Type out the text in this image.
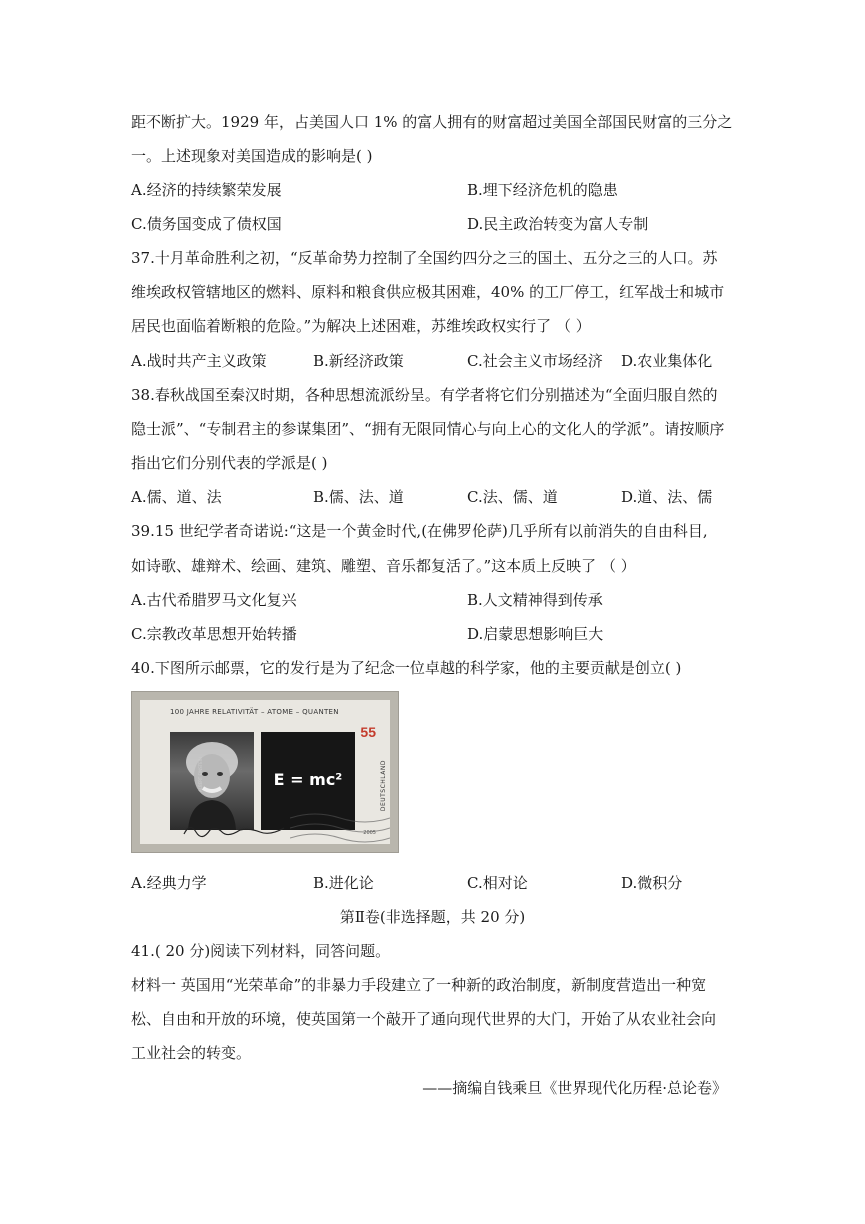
距不断扩大。1929 年，占美国人口 1% 的富人拥有的财富超过美国全部国民财富的三分之
一。上述现象对美国造成的影响是( )
A.经济的持续繁荣发展	B.埋下经济危机的隐患
C.债务国变成了债权国	D.民主政治转变为富人专制
37.十月革命胜利之初，“反革命势力控制了全国约四分之三的国土、五分之三的人口。苏
维埃政权管辖地区的燃料、原料和粮食供应极其困难，40% 的工厂停工，红军战士和城市
居民也面临着断粮的危险。”为解决上述困难，苏维埃政权实行了 （ ）
A.战时共产主义政策	B.新经济政策	C.社会主义市场经济 D.农业集体化
38.春秋战国至秦汉时期，各种思想流派纷呈。有学者将它们分别描述为“全面归服自然的
隐士派”、“专制君主的参谋集团”、“拥有无限同情心与向上心的文化人的学派”。请按顺序
指出它们分别代表的学派是( )
A.儒、道、法	B.儒、法、道	C.法、儒、道	D.道、法、儒
39.15 世纪学者奇诺说:“这是一个黄金时代,(在佛罗伦萨)几乎所有以前消失的自由科目,
如诗歌、雄辩术、绘画、建筑、雕塑、音乐都复活了。”这本质上反映了 （ ）
A.古代希腊罗马文化复兴	B.人文精神得到传承
C.宗教改革思想开始转播	D.启蒙思想影响巨大
40.下图所示邮票，它的发行是为了纪念一位卓越的科学家，他的主要贡献是创立( )
100 JAHRE RELATIVITÄT – ATOME – QUANTEN
55
ALBERT EINSTEIN	E = mc²	DEUTSCHLAND
2005
A.经典力学	B.进化论	C.相对论	D.微积分
第Ⅱ卷(非选择题，共 20 分)
41.( 20 分)阅读下列材料，同答问题。
材料一 英国用“光荣革命”的非暴力手段建立了一种新的政治制度，新制度营造出一种宽
松、自由和开放的环境，使英国第一个敲开了通向现代世界的大门，开始了从农业社会向
工业社会的转变。
——摘编自钱乘旦《世界现代化历程·总论卷》
